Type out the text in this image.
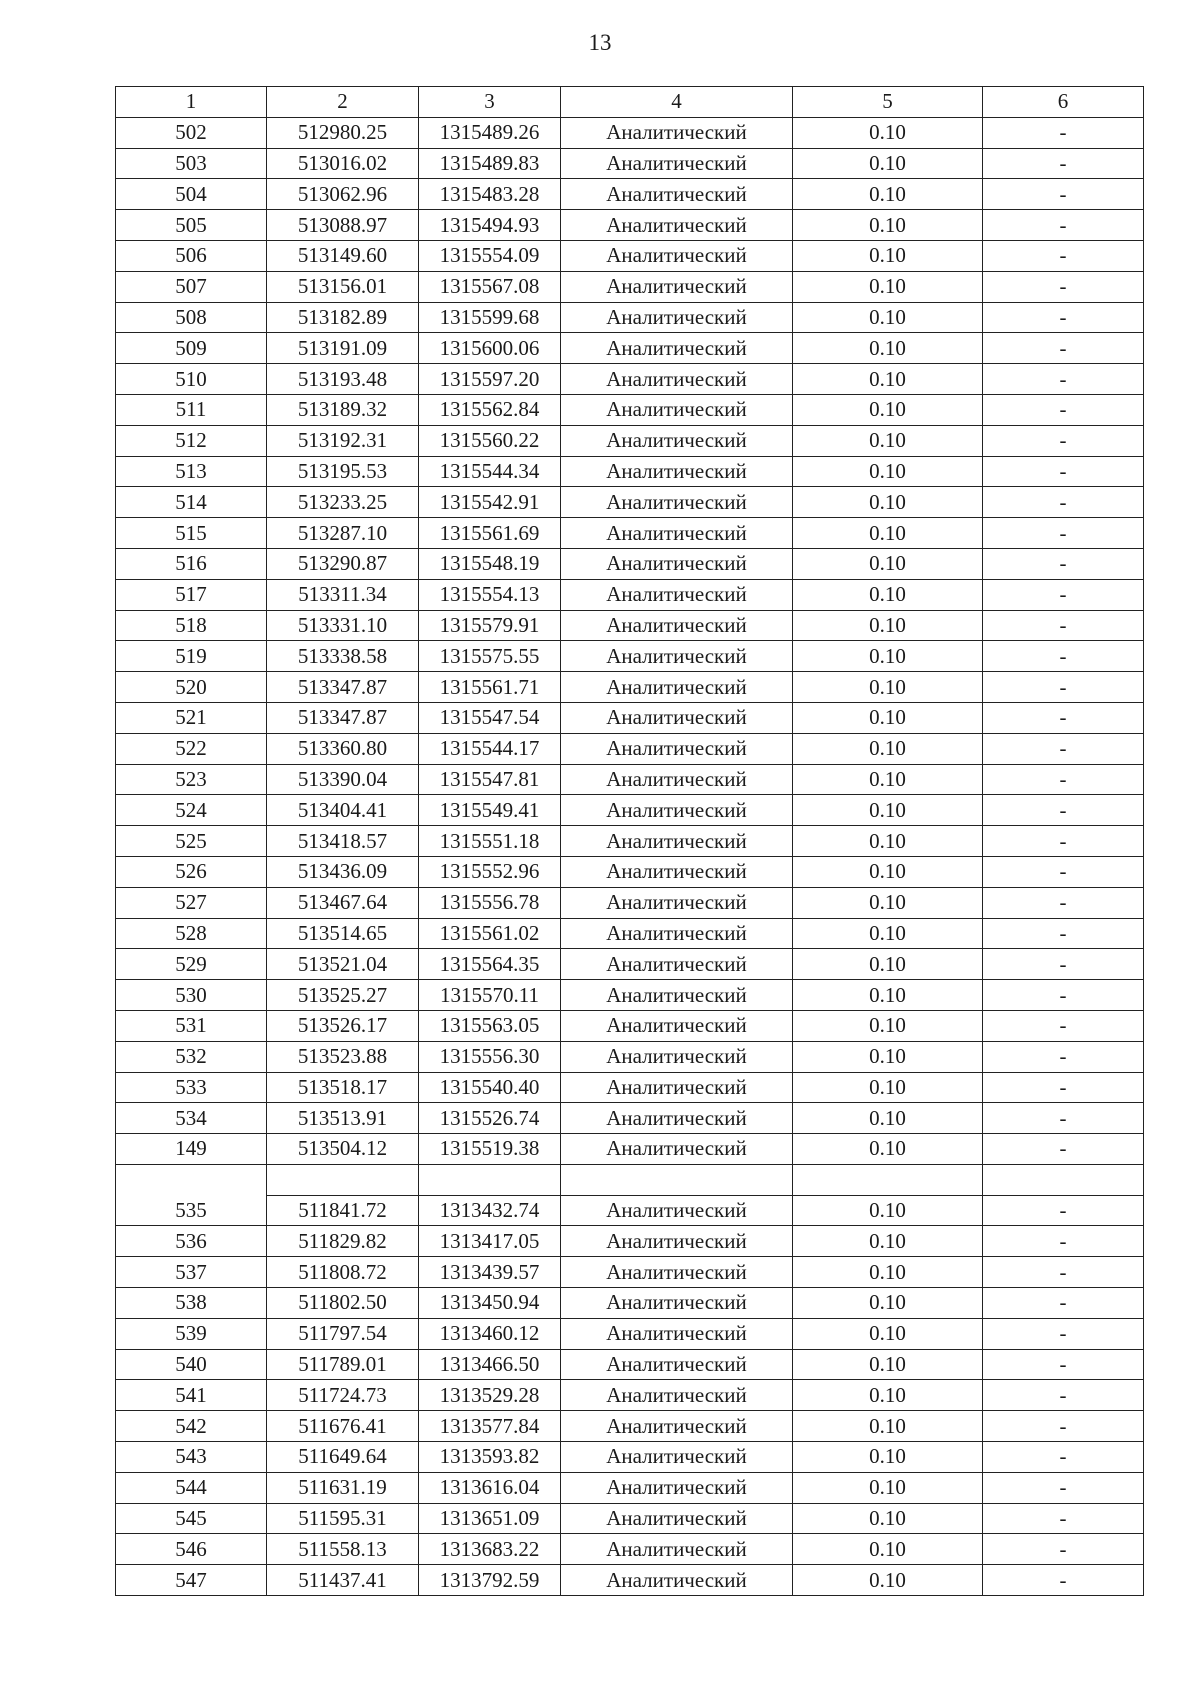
13
1	2	3	4	5	6
502	512980.25	1315489.26	Аналитический	0.10	-
503	513016.02	1315489.83	Аналитический	0.10	-
504	513062.96	1315483.28	Аналитический	0.10	-
505	513088.97	1315494.93	Аналитический	0.10	-
506	513149.60	1315554.09	Аналитический	0.10	-
507	513156.01	1315567.08	Аналитический	0.10	-
508	513182.89	1315599.68	Аналитический	0.10	-
509	513191.09	1315600.06	Аналитический	0.10	-
510	513193.48	1315597.20	Аналитический	0.10	-
511	513189.32	1315562.84	Аналитический	0.10	-
512	513192.31	1315560.22	Аналитический	0.10	-
513	513195.53	1315544.34	Аналитический	0.10	-
514	513233.25	1315542.91	Аналитический	0.10	-
515	513287.10	1315561.69	Аналитический	0.10	-
516	513290.87	1315548.19	Аналитический	0.10	-
517	513311.34	1315554.13	Аналитический	0.10	-
518	513331.10	1315579.91	Аналитический	0.10	-
519	513338.58	1315575.55	Аналитический	0.10	-
520	513347.87	1315561.71	Аналитический	0.10	-
521	513347.87	1315547.54	Аналитический	0.10	-
522	513360.80	1315544.17	Аналитический	0.10	-
523	513390.04	1315547.81	Аналитический	0.10	-
524	513404.41	1315549.41	Аналитический	0.10	-
525	513418.57	1315551.18	Аналитический	0.10	-
526	513436.09	1315552.96	Аналитический	0.10	-
527	513467.64	1315556.78	Аналитический	0.10	-
528	513514.65	1315561.02	Аналитический	0.10	-
529	513521.04	1315564.35	Аналитический	0.10	-
530	513525.27	1315570.11	Аналитический	0.10	-
531	513526.17	1315563.05	Аналитический	0.10	-
532	513523.88	1315556.30	Аналитический	0.10	-
533	513518.17	1315540.40	Аналитический	0.10	-
534	513513.91	1315526.74	Аналитический	0.10	-
149	513504.12	1315519.38	Аналитический	0.10	-

535	511841.72	1313432.74	Аналитический	0.10	-
536	511829.82	1313417.05	Аналитический	0.10	-
537	511808.72	1313439.57	Аналитический	0.10	-
538	511802.50	1313450.94	Аналитический	0.10	-
539	511797.54	1313460.12	Аналитический	0.10	-
540	511789.01	1313466.50	Аналитический	0.10	-
541	511724.73	1313529.28	Аналитический	0.10	-
542	511676.41	1313577.84	Аналитический	0.10	-
543	511649.64	1313593.82	Аналитический	0.10	-
544	511631.19	1313616.04	Аналитический	0.10	-
545	511595.31	1313651.09	Аналитический	0.10	-
546	511558.13	1313683.22	Аналитический	0.10	-
547	511437.41	1313792.59	Аналитический	0.10	-
